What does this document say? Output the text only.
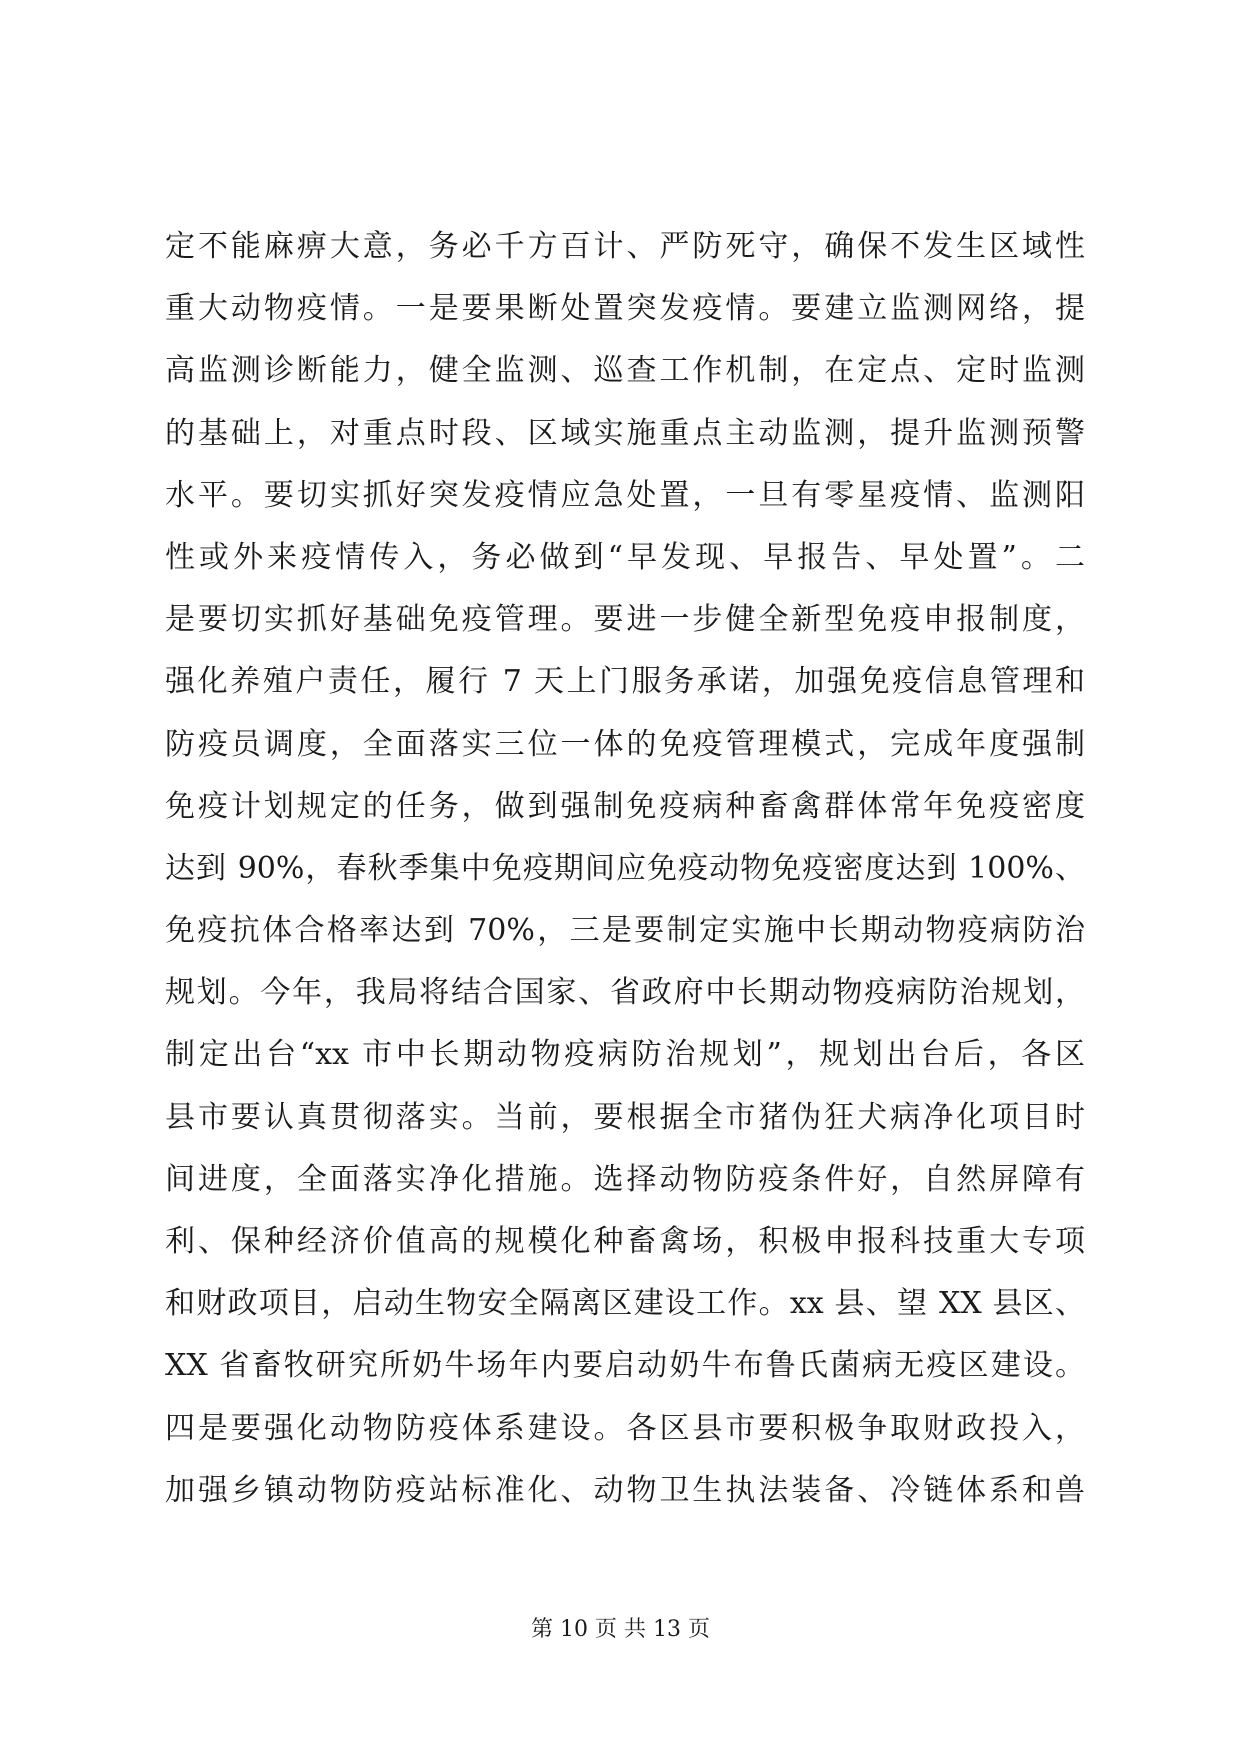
定不能麻痹大意，务必千方百计、严防死守，确保不发生区域性
重大动物疫情。一是要果断处置突发疫情。要建立监测网络，提
高监测诊断能力，健全监测、巡查工作机制，在定点、定时监测
的基础上，对重点时段、区域实施重点主动监测，提升监测预警
水平。要切实抓好突发疫情应急处置，一旦有零星疫情、监测阳
性或外来疫情传入，务必做到“早发现、早报告、早处置”。二
是要切实抓好基础免疫管理。要进一步健全新型免疫申报制度，
强化养殖户责任，履行 7 天上门服务承诺，加强免疫信息管理和
防疫员调度，全面落实三位一体的免疫管理模式，完成年度强制
免疫计划规定的任务，做到强制免疫病种畜禽群体常年免疫密度
达到 90%，春秋季集中免疫期间应免疫动物免疫密度达到 100%、
免疫抗体合格率达到 70%，三是要制定实施中长期动物疫病防治
规划。今年，我局将结合国家、省政府中长期动物疫病防治规划，
制定出台“xx 市中长期动物疫病防治规划”，规划出台后，各区
县市要认真贯彻落实。当前，要根据全市猪伪狂犬病净化项目时
间进度，全面落实净化措施。选择动物防疫条件好，自然屏障有
利、保种经济价值高的规模化种畜禽场，积极申报科技重大专项
和财政项目，启动生物安全隔离区建设工作。xx 县、望 XX 县区、
XX 省畜牧研究所奶牛场年内要启动奶牛布鲁氏菌病无疫区建设。
四是要强化动物防疫体系建设。各区县市要积极争取财政投入，
加强乡镇动物防疫站标准化、动物卫生执法装备、冷链体系和兽
第 10 页 共 13 页
